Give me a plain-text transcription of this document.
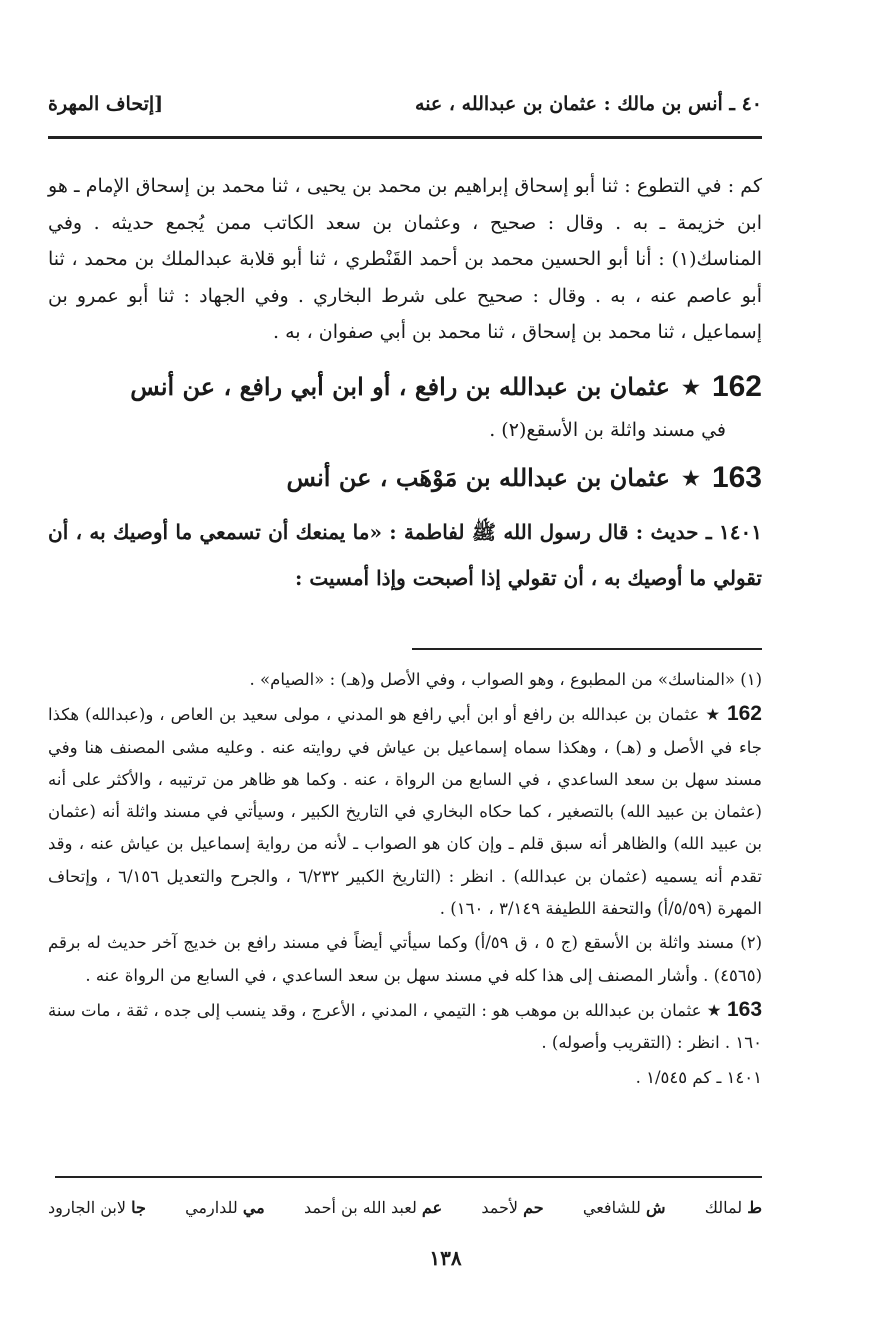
٤٠ ـ أنس بن مالك : عثمان بن عبدالله ، عنه
[إتحاف المهرة

كم : في التطوع : ثنا أبو إسحاق إبراهيم بن محمد بن يحيى ، ثنا محمد بن إسحاق الإمام ـ هو ابن خزيمة ـ به . وقال : صحيح ، وعثمان بن سعد الكاتب ممن يُجمع حديثه . وفي المناسك(١) : أنا أبو الحسين محمد بن أحمد القَنْطري ، ثنا أبو قلابة عبدالملك بن محمد ، ثنا أبو عاصم عنه ، به . وقال : صحيح على شرط البخاري . وفي الجهاد : ثنا أبو عمرو بن إسماعيل ، ثنا محمد بن إسحاق ، ثنا محمد بن أبي صفوان ، به .

162
★
عثمان بن عبدالله بن رافع ، أو ابن أبي رافع ، عن أنس
في مسند واثلة بن الأسقع(٢) .
163
★
عثمان بن عبدالله بن مَوْهَب ، عن أنس

١٤٠١ ـ حديث : قال رسول الله ﷺ لفاطمة : «ما يمنعك أن تسمعي ما أوصيك به ، أن تقولي ما أوصيك به ، أن تقولي إذا أصبحت وإذا أمسيت :

(١) «المناسك» من المطبوع ، وهو الصواب ، وفي الأصل و(هـ) : «الصيام» .

162 ★ عثمان بن عبدالله بن رافع أو ابن أبي رافع هو المدني ، مولى سعيد بن العاص ، و(عبدالله) هكذا جاء في الأصل و (هـ) ، وهكذا سماه إسماعيل بن عياش في روايته عنه . وعليه مشى المصنف هنا وفي مسند سهل بن سعد الساعدي ، في السابع من الرواة ، عنه . وكما هو ظاهر من ترتيبه ، والأكثر على أنه (عثمان بن عبيد الله) بالتصغير ، كما حكاه البخاري في التاريخ الكبير ، وسيأتي في مسند واثلة أنه (عثمان بن عبيد الله) والظاهر أنه سبق قلم ـ وإن كان هو الصواب ـ لأنه من رواية إسماعيل بن عياش عنه ، وقد تقدم أنه يسميه (عثمان بن عبدالله) . انظر : (التاريخ الكبير ٦/٢٣٢ ، والجرح والتعديل ٦/١٥٦ ، وإتحاف المهرة (٥/٥٩/أ) والتحفة اللطيفة ٣/١٤٩ ، ١٦٠) .

(٢) مسند واثلة بن الأسقع (ج ٥ ، ق ٥٩/أ) وكما سيأتي أيضاً في مسند رافع بن خديج آخر حديث له برقم (٤٥٦٥) . وأشار المصنف إلى هذا كله في مسند سهل بن سعد الساعدي ، في السابع من الرواة عنه .

163 ★ عثمان بن عبدالله بن موهب هو : التيمي ، المدني ، الأعرج ، وقد ينسب إلى جده ، ثقة ، مات سنة ١٦٠ . انظر : (التقريب وأصوله) .

١٤٠١ ـ كم ١/٥٤٥ .

ط لمالك
ش للشافعي
حم لأحمد
عم لعبد الله بن أحمد
مي للدارمي
جا لابن الجارود
١٣٨
